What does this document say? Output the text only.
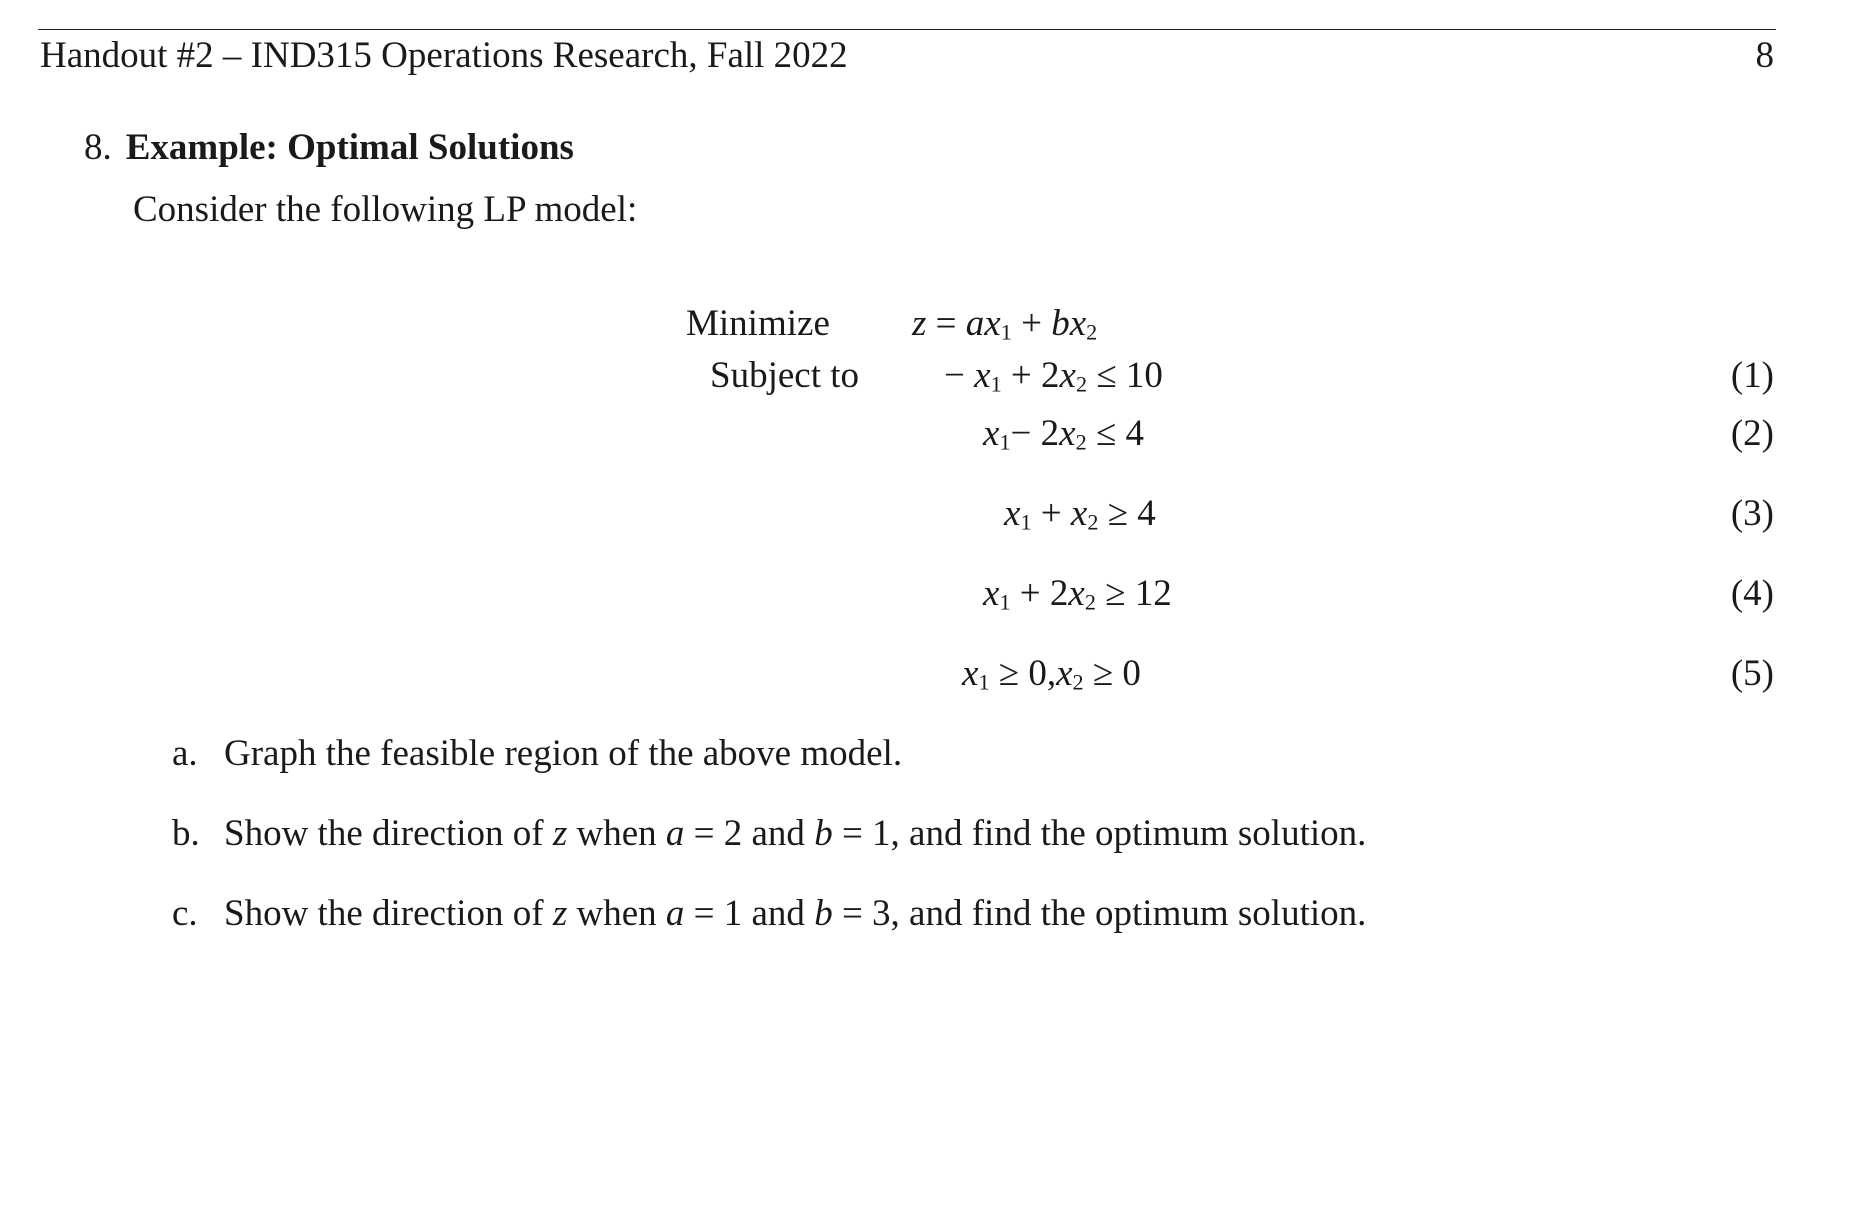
Handout #2 – IND315 Operations Research, Fall 2022	8
8. Example: Optimal Solutions
Consider the following LP model:
Minimize $z = ax_1 + bx_2$
Subject to − $x_1 + 2x_2 \le 10$	(1)
$x_1- 2x_2 \le 4$	(2)
$x_1 + x_2 \ge 4$	(3)
$x_1 + 2x_2 \ge 12$	(4)
$x_1 \ge 0,x_2 \ge 0$	(5)
a. Graph the feasible region of the above model.
b. Show the direction of z when a = 2 and b = 1, and find the optimum solution.
c. Show the direction of z when a = 1 and b = 3, and find the optimum solution.
